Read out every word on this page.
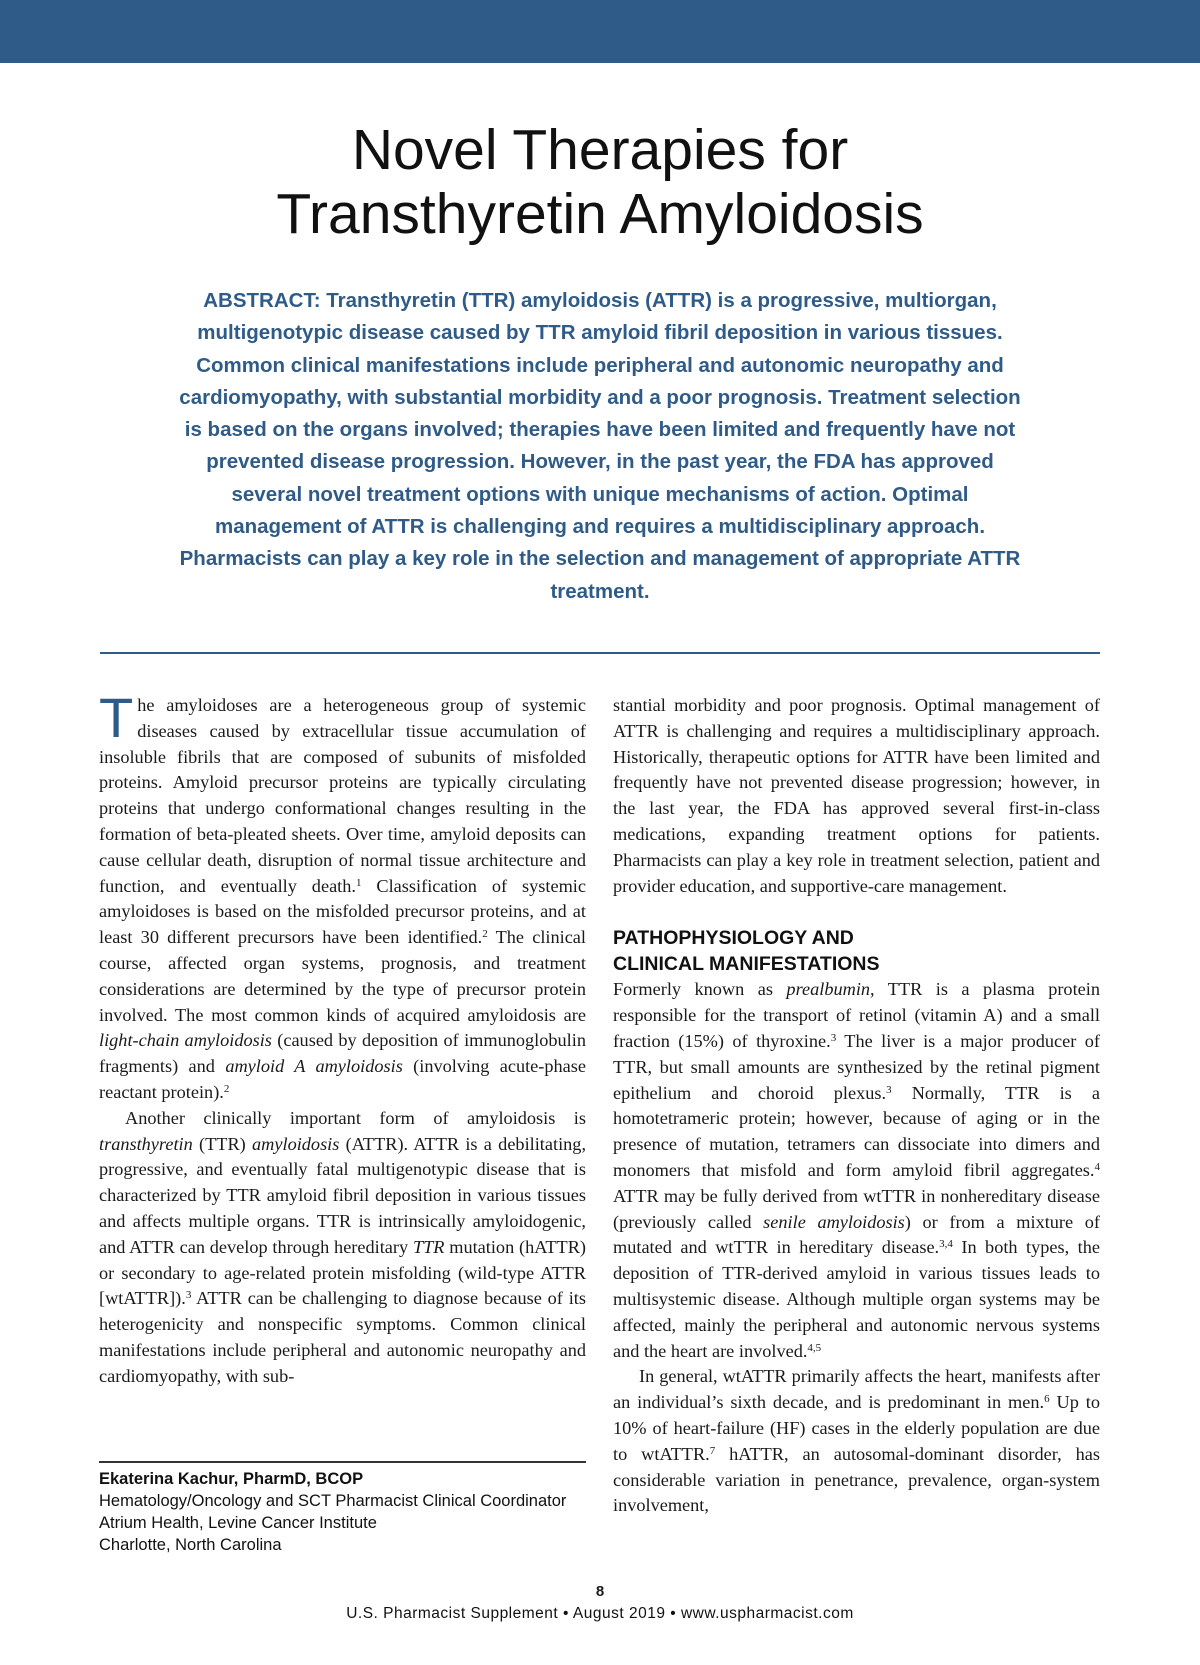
Novel Therapies for
Transthyretin Amyloidosis

ABSTRACT: Transthyretin (TTR) amyloidosis (ATTR) is a progressive, multiorgan, multigenotypic disease caused by TTR amyloid fibril deposition in various tissues. Common clinical manifestations include peripheral and autonomic neuropathy and cardiomyopathy, with substantial morbidity and a poor prognosis. Treatment selection is based on the organs involved; therapies have been limited and frequently have not prevented disease progression. However, in the past year, the FDA has approved several novel treatment options with unique mechanisms of action. Optimal management of ATTR is challenging and requires a multidisciplinary approach. Pharmacists can play a key role in the selection and management of appropriate ATTR treatment.

The amyloidoses are a heterogeneous group of systemic diseases caused by extracellular tissue accumulation of insoluble fibrils that are composed of subunits of misfolded proteins. Amyloid precursor proteins are typically circulating proteins that undergo conformational changes resulting in the formation of beta-pleated sheets. Over time, amyloid deposits can cause cellular death, disruption of normal tissue architecture and function, and eventually death.$^1$ Classification of systemic amyloidoses is based on the misfolded precursor proteins, and at least 30 different precursors have been identified.$^2$ The clinical course, affected organ systems, prognosis, and treatment considerations are determined by the type of precursor protein involved. The most common kinds of acquired amyloidosis are light-chain amyloidosis (caused by deposition of immunoglobulin fragments) and amyloid A amyloidosis (involving acute-phase reactant protein).$^2$

Another clinically important form of amyloidosis is transthyretin (TTR) amyloidosis (ATTR). ATTR is a debilitating, progressive, and eventually fatal multigenotypic disease that is characterized by TTR amyloid fibril deposition in various tissues and affects multiple organs. TTR is intrinsically amyloidogenic, and ATTR can develop through hereditary TTR mutation (hATTR) or secondary to age-related protein misfolding (wild-type ATTR [wtATTR]).$^3$ ATTR can be challenging to diagnose because of its heterogenicity and nonspecific symptoms. Common clinical manifestations include peripheral and autonomic neuropathy and cardiomyopathy, with sub-

Ekaterina Kachur, PharmD, BCOP
Hematology/Oncology and SCT Pharmacist Clinical Coordinator
Atrium Health, Levine Cancer Institute
Charlotte, North Carolina

stantial morbidity and poor prognosis. Optimal management of ATTR is challenging and requires a multidisciplinary approach. Historically, therapeutic options for ATTR have been limited and frequently have not prevented disease progression; however, in the last year, the FDA has approved several first-in-class medications, expanding treatment options for patients. Pharmacists can play a key role in treatment selection, patient and provider education, and supportive-care management.

PATHOPHYSIOLOGY AND
CLINICAL MANIFESTATIONS

Formerly known as prealbumin, TTR is a plasma protein responsible for the transport of retinol (vitamin A) and a small fraction (15%) of thyroxine.$^3$ The liver is a major producer of TTR, but small amounts are synthesized by the retinal pigment epithelium and choroid plexus.$^3$ Normally, TTR is a homotetrameric protein; however, because of aging or in the presence of mutation, tetramers can dissociate into dimers and monomers that misfold and form amyloid fibril aggregates.$^4$ ATTR may be fully derived from wtTTR in nonhereditary disease (previously called senile amyloidosis) or from a mixture of mutated and wtTTR in hereditary disease.$^{3,4}$ In both types, the deposition of TTR-derived amyloid in various tissues leads to multisystemic disease. Although multiple organ systems may be affected, mainly the peripheral and autonomic nervous systems and the heart are involved.$^{4,5}$

In general, wtATTR primarily affects the heart, manifests after an individual’s sixth decade, and is predominant in men.$^6$ Up to 10% of heart-failure (HF) cases in the elderly population are due to wtATTR.$^7$ hATTR, an autosomal-dominant disorder, has considerable variation in penetrance, prevalence, organ-system involvement,

8
U.S. Pharmacist Supplement • August 2019 • www.uspharmacist.com
